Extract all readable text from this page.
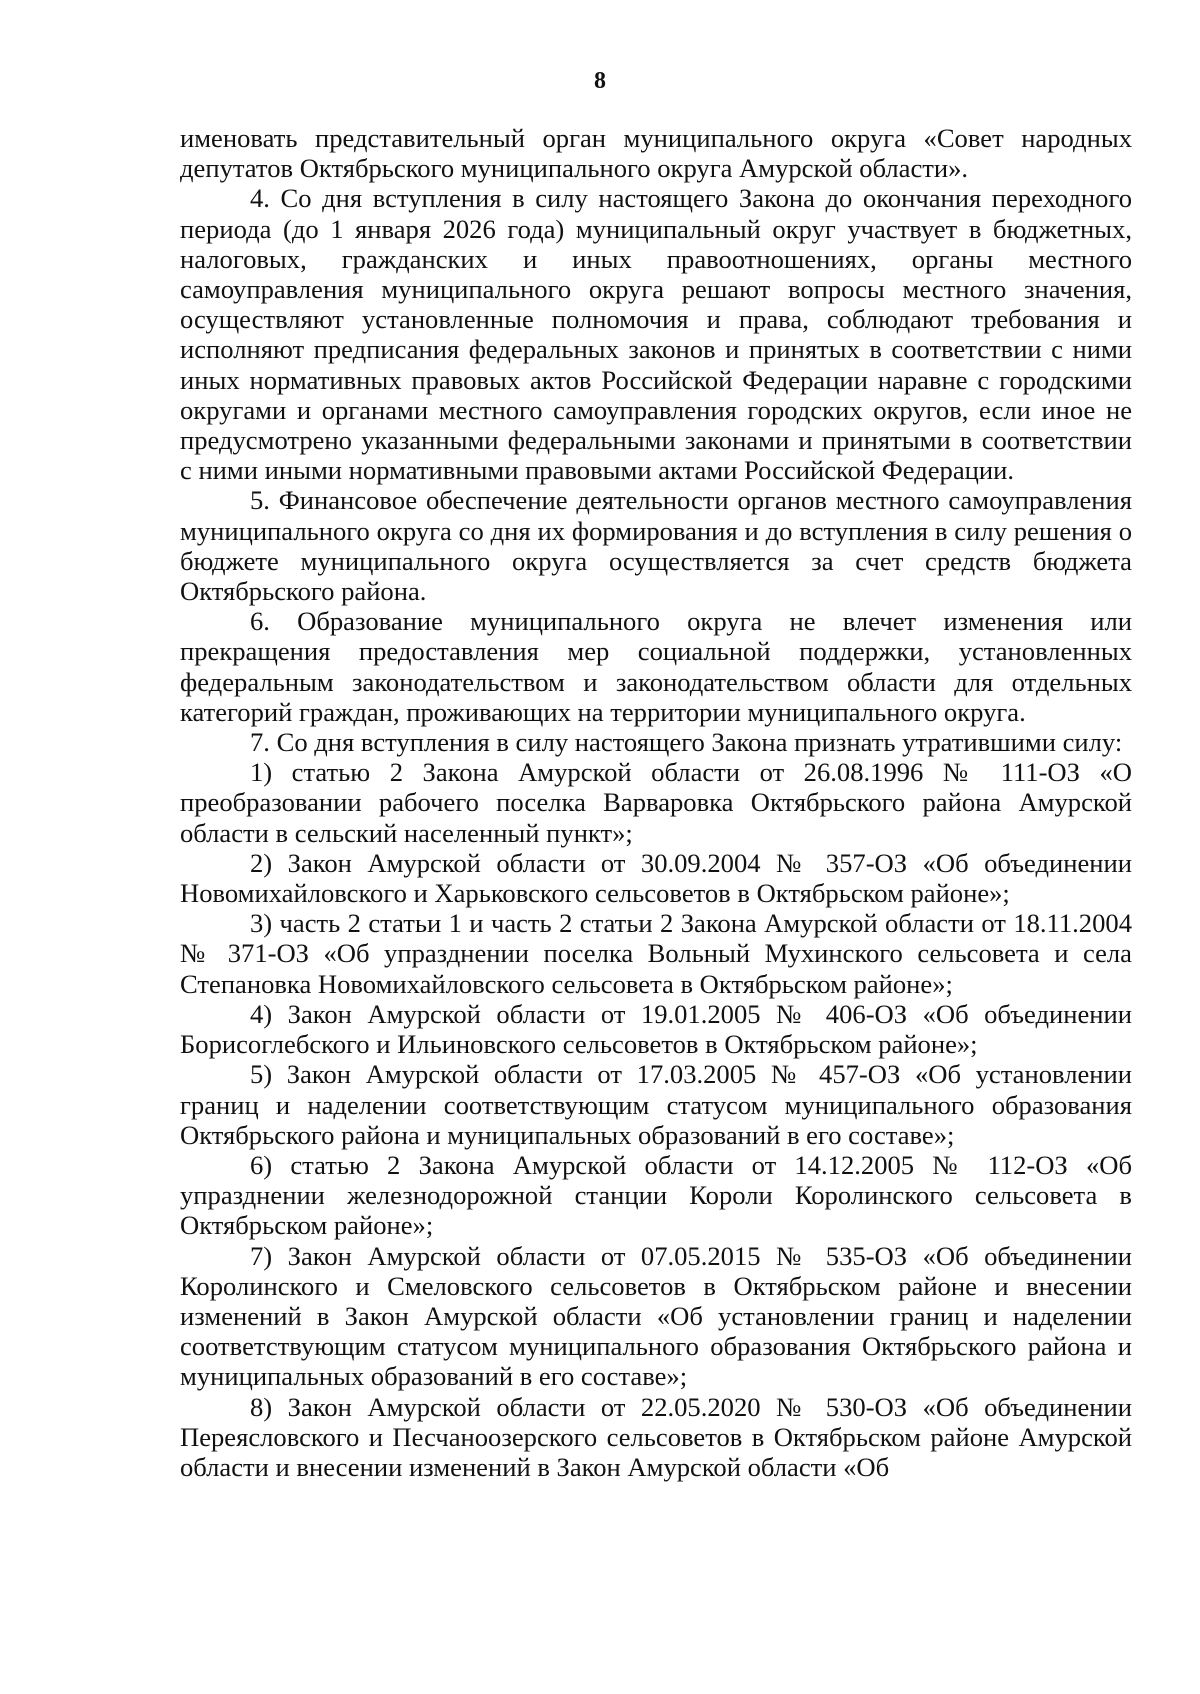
8

именовать представительный орган муниципального округа «Совет народных депутатов Октябрьского муниципального округа Амурской области».

4. Со дня вступления в силу настоящего Закона до окончания переходного периода (до 1 января 2026 года) муниципальный округ участвует в бюджетных, налоговых, гражданских и иных правоотношениях, органы местного самоуправления муниципального округа решают вопросы местного значения, осуществляют установленные полномочия и права, соблюдают требования и исполняют предписания федеральных законов и принятых в соответствии с ними иных нормативных правовых актов Российской Федерации наравне с городскими округами и органами местного самоуправления городских округов, если иное не предусмотрено указанными федеральными законами и принятыми в соответствии с ними иными нормативными правовыми актами Российской Федерации.

5. Финансовое обеспечение деятельности органов местного самоуправления муниципального округа со дня их формирования и до вступления в силу решения о бюджете муниципального округа осуществляется за счет средств бюджета Октябрьского района.

6. Образование муниципального округа не влечет изменения или прекращения предоставления мер социальной поддержки, установленных федеральным законодательством и законодательством области для отдельных категорий граждан, проживающих на территории муниципального округа.

7. Со дня вступления в силу настоящего Закона признать утратившими силу:

1) статью 2 Закона Амурской области от 26.08.1996 № 111-ОЗ «О преобразовании рабочего поселка Варваровка Октябрьского района Амурской области в сельский населенный пункт»;

2) Закон Амурской области от 30.09.2004 № 357-ОЗ «Об объединении Новомихайловского и Харьковского сельсоветов в Октябрьском районе»;

3) часть 2 статьи 1 и часть 2 статьи 2 Закона Амурской области от 18.11.2004 № 371-ОЗ «Об упразднении поселка Вольный Мухинского сельсовета и села Степановка Новомихайловского сельсовета в Октябрьском районе»;

4) Закон Амурской области от 19.01.2005 № 406-ОЗ «Об объединении Борисоглебского и Ильиновского сельсоветов в Октябрьском районе»;

5) Закон Амурской области от 17.03.2005 № 457-ОЗ «Об установлении границ и наделении соответствующим статусом муниципального образования Октябрьского района и муниципальных образований в его составе»;

6) статью 2 Закона Амурской области от 14.12.2005 № 112-ОЗ «Об упразднении железнодорожной станции Короли Королинского сельсовета в Октябрьском районе»;

7) Закон Амурской области от 07.05.2015 № 535-ОЗ «Об объединении Королинского и Смеловского сельсоветов в Октябрьском районе и внесении изменений в Закон Амурской области «Об установлении границ и наделении соответствующим статусом муниципального образования Октябрьского района и муниципальных образований в его составе»;

8) Закон Амурской области от 22.05.2020 № 530-ОЗ «Об объединении Переясловского и Песчаноозерского сельсоветов в Октябрьском районе Амурской области и внесении изменений в Закон Амурской области «Об
